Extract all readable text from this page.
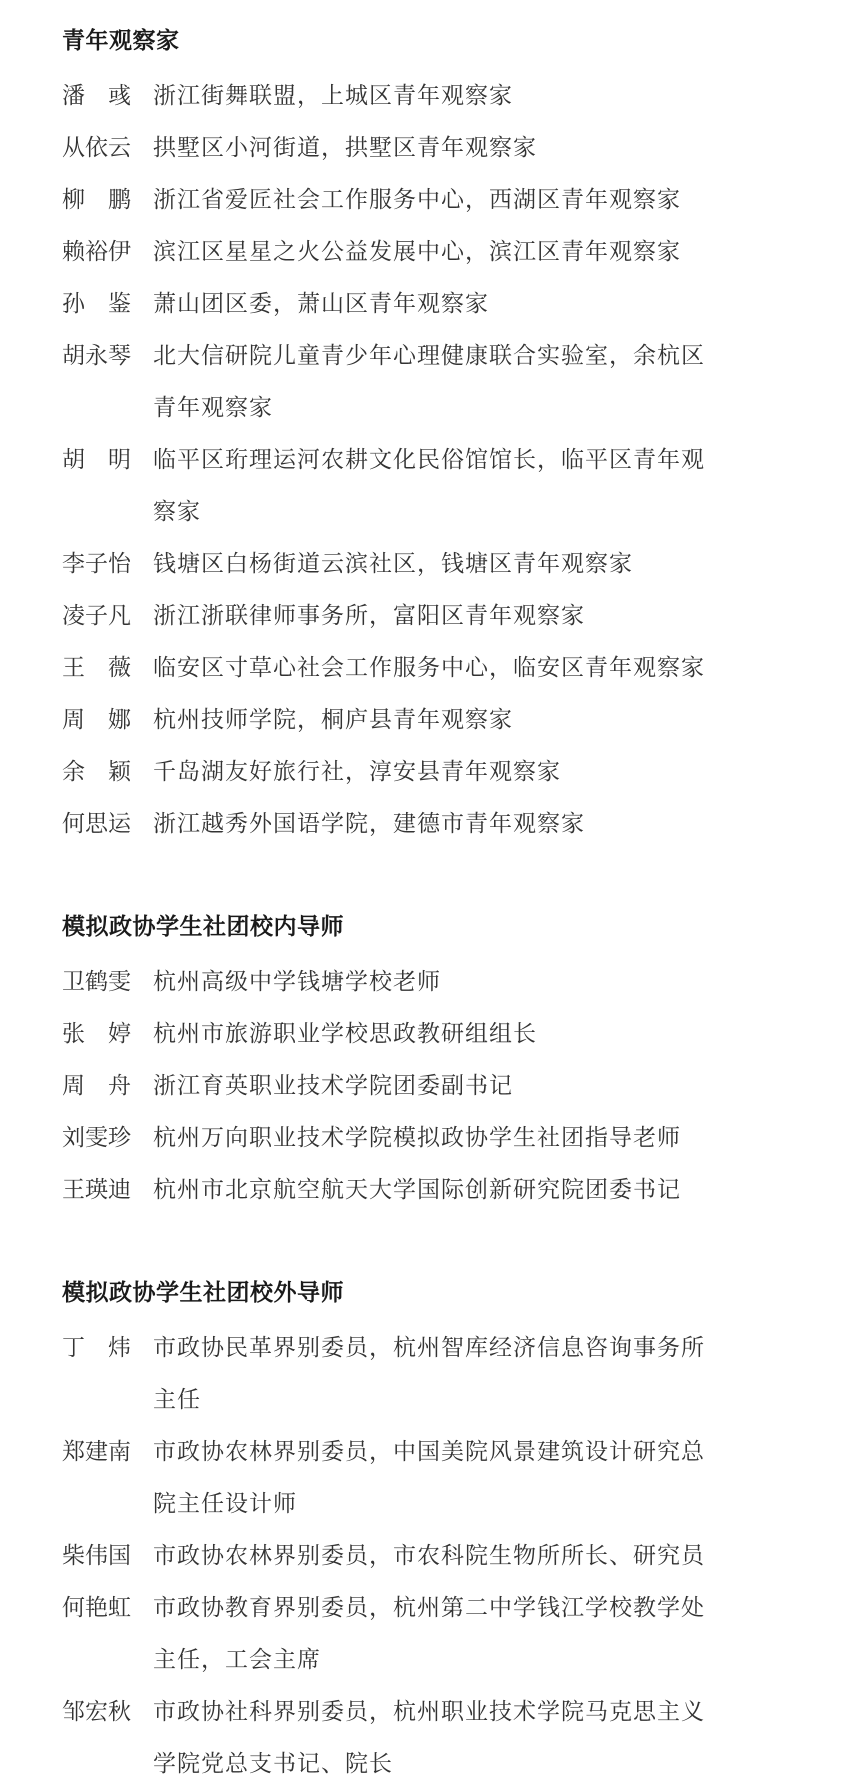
青年观察家
潘　彧 浙江街舞联盟，上城区青年观察家
从依云 拱墅区小河街道，拱墅区青年观察家
柳　鹏 浙江省爱匠社会工作服务中心，西湖区青年观察家
赖裕伊 滨江区星星之火公益发展中心，滨江区青年观察家
孙　鉴 萧山团区委，萧山区青年观察家
胡永琴 北大信研院儿童青少年心理健康联合实验室，余杭区青年观察家
胡　明 临平区珩理运河农耕文化民俗馆馆长，临平区青年观察家
李子怡 钱塘区白杨街道云滨社区，钱塘区青年观察家
凌子凡 浙江浙联律师事务所，富阳区青年观察家
王　薇 临安区寸草心社会工作服务中心，临安区青年观察家
周　娜 杭州技师学院，桐庐县青年观察家
余　颖 千岛湖友好旅行社，淳安县青年观察家
何思运 浙江越秀外国语学院，建德市青年观察家
模拟政协学生社团校内导师
卫鹤雯 杭州高级中学钱塘学校老师
张　婷 杭州市旅游职业学校思政教研组组长
周　舟 浙江育英职业技术学院团委副书记
刘雯珍 杭州万向职业技术学院模拟政协学生社团指导老师
王瑛迪 杭州市北京航空航天大学国际创新研究院团委书记
模拟政协学生社团校外导师
丁　炜 市政协民革界别委员，杭州智库经济信息咨询事务所主任
郑建南 市政协农林界别委员，中国美院风景建筑设计研究总院主任设计师
柴伟国 市政协农林界别委员，市农科院生物所所长、研究员
何艳虹 市政协教育界别委员，杭州第二中学钱江学校教学处主任，工会主席
邹宏秋 市政协社科界别委员，杭州职业技术学院马克思主义学院党总支书记、院长
